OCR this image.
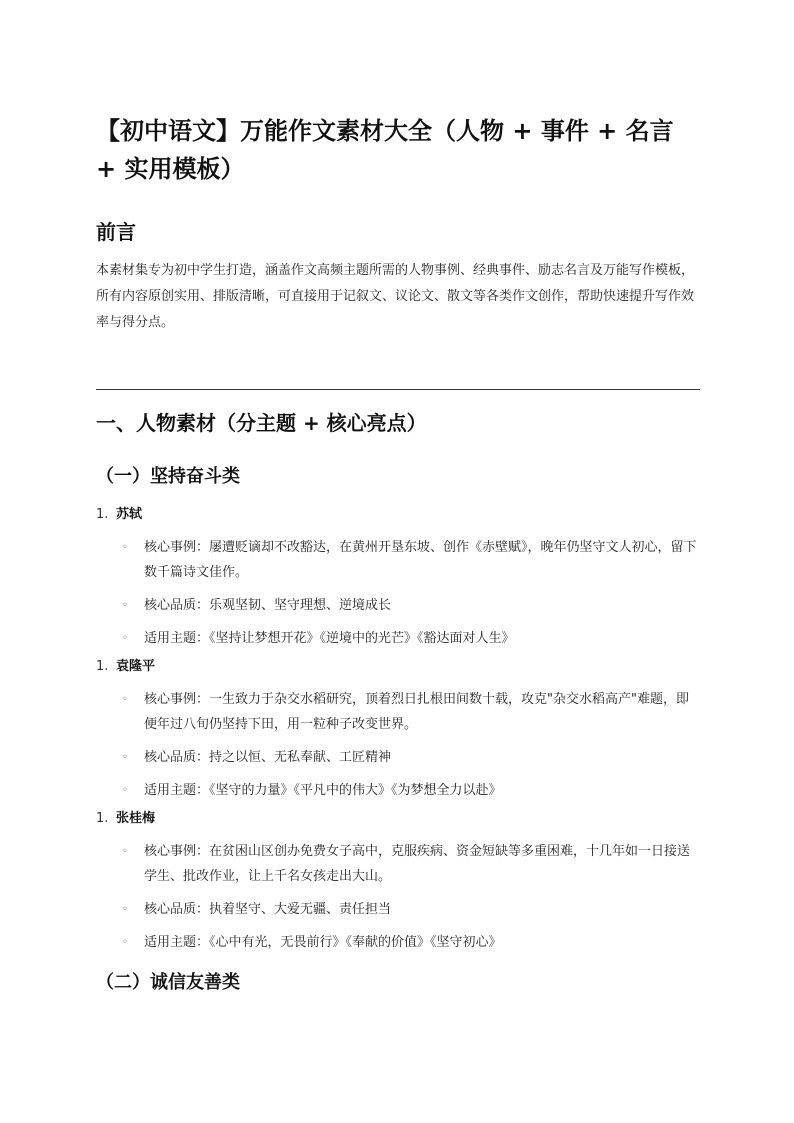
【初中语文】万能作文素材大全（人物 + 事件 + 名言 + 实用模板）
前言

本素材集专为初中学生打造，涵盖作文高频主题所需的人物事例、经典事件、励志名言及万能写作模板，所有内容原创实用、排版清晰，可直接用于记叙文、议论文、散文等各类作文创作，帮助快速提升写作效率与得分点。

一、人物素材（分主题 + 核心亮点）
（一）坚持奋斗类
1. 苏轼
◦ 核心事例：屡遭贬谪却不改豁达，在黄州开垦东坡、创作《赤壁赋》，晚年仍坚守文人初心，留下数千篇诗文佳作。
◦ 核心品质：乐观坚韧、坚守理想、逆境成长
◦ 适用主题：《坚持让梦想开花》《逆境中的光芒》《豁达面对人生》
1. 袁隆平
◦ 核心事例：一生致力于杂交水稻研究，顶着烈日扎根田间数十载，攻克"杂交水稻高产"难题，即便年过八旬仍坚持下田，用一粒种子改变世界。
◦ 核心品质：持之以恒、无私奉献、工匠精神
◦ 适用主题：《坚守的力量》《平凡中的伟大》《为梦想全力以赴》
1. 张桂梅
◦ 核心事例：在贫困山区创办免费女子高中，克服疾病、资金短缺等多重困难，十几年如一日接送学生、批改作业，让上千名女孩走出大山。
◦ 核心品质：执着坚守、大爱无疆、责任担当
◦ 适用主题：《心中有光，无畏前行》《奉献的价值》《坚守初心》
（二）诚信友善类
